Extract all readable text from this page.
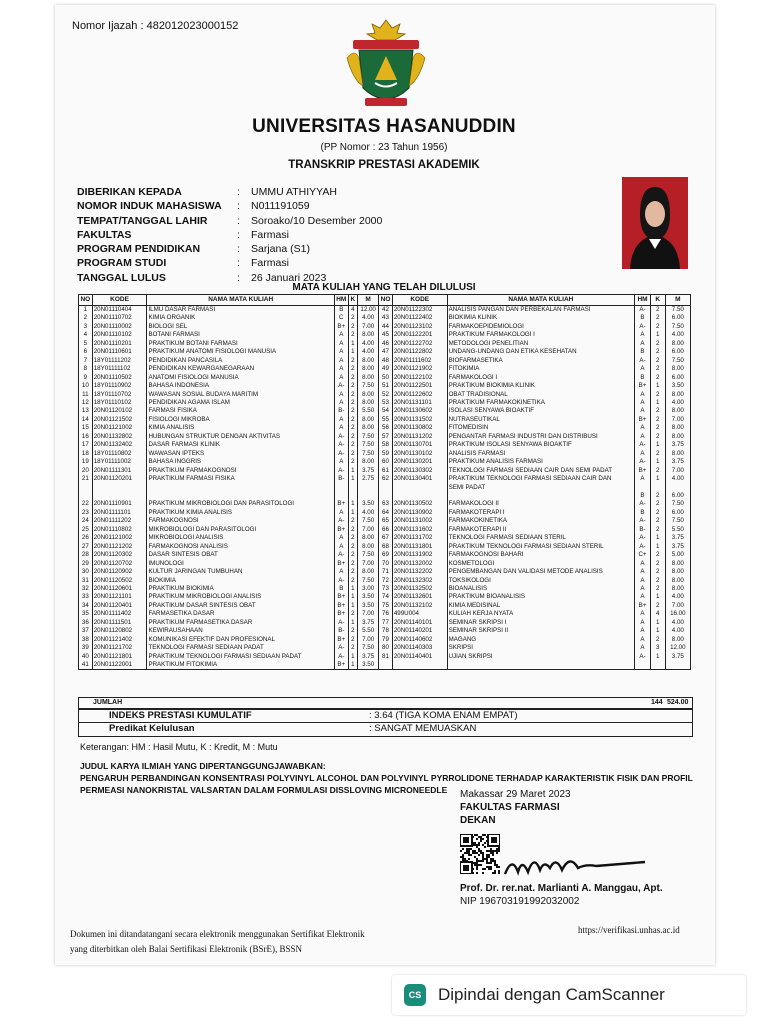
Nomor Ijazah : 482012023000152
UNIVERSITAS HASANUDDIN
(PP Nomor : 23 Tahun 1956)
TRANSKRIP PRESTASI AKADEMIK
DIBERIKAN KEPADA	:	UMMU ATHIYYAH
NOMOR INDUK MAHASISWA	:	N011191059
TEMPAT/TANGGAL LAHIR	:	Soroako/10 Desember 2000
FAKULTAS	:	Farmasi
PROGRAM PENDIDIKAN	:	Sarjana (S1)
PROGRAM STUDI	:	Farmasi
TANGGAL LULUS	:	26 Januari 2023
MATA KULIAH YANG TELAH DILULUSI
NO	KODE	NAMA MATA KULIAH	HM	K	M	NO	KODE	NAMA MATA KULIAH	HM	K	M
1	20N01110404	ILMU DASAR FARMASI	B	4	12.00	42	20N01122302	ANALISIS PANGAN DAN PERBEKALAN FARMASI	A-	2	7.50
2	20N01110702	KIMIA ORGANIK	C	2	4.00	43	20N01122402	BIOKIMIA KLINIK	B	2	6.00
3	20N01110002	BIOLOGI SEL	B+	2	7.00	44	20N01123102	FARMAKOEPIDEMIOLOGI	A-	2	7.50
4	20N01110102	BOTANI FARMASI	A	2	8.00	45	20N01122201	PRAKTIKUM FARMAKOLOGI I	A	1	4.00
5	20N01110201	PRAKTIKUM BOTANI FARMASI	A	1	4.00	46	20N01122702	METODOLOGI PENELITIAN	A	2	8.00
6	20N01110601	PRAKTIKUM ANATOMI FISIOLOGI MANUSIA	A	1	4.00	47	20N01122802	UNDANG-UNDANG DAN ETIKA KESEHATAN	B	2	6.00
7	18Y01111202	PENDIDIKAN PANCASILA	A	2	8.00	48	20N01111602	BIOFARMASETIKA	A-	2	7.50
8	18Y01111102	PENDIDIKAN KEWARGANEGARAAN	A	2	8.00	49	20N01121902	FITOKIMIA	A	2	8.00
9	20N01110502	ANATOMI FISIOLOGI MANUSIA	A	2	8.00	50	20N01122102	FARMAKOLOGI I	B	2	6.00
10	18Y01110902	BAHASA INDONESIA	A-	2	7.50	51	20N01122501	PRAKTIKUM BIOKIMIA KLINIK	B+	1	3.50
11	18Y01110702	WAWASAN SOSIAL BUDAYA MARITIM	A	2	8.00	52	20N01122602	OBAT TRADISIONAL	A	2	8.00
12	18Y01110102	PENDIDIKAN AGAMA ISLAM	A	2	8.00	53	20N01131101	PRAKTIKUM FARMAKOKINETIKA	A	1	4.00
13	20N01120102	FARMASI FISIKA	B-	2	5.50	54	20N01130602	ISOLASI SENYAWA BIOAKTIF	A	2	8.00
14	20N01121502	FISIOLOGI MIKROBA	A	2	8.00	55	20N01131502	NUTRASEUTIKAL	B+	2	7.00
15	20N01121002	KIMIA ANALISIS	A	2	8.00	56	20N01130802	FITOMEDISIN	A	2	8.00
16	20N01132802	HUBUNGAN STRUKTUR DENGAN AKTIVITAS	A-	2	7.50	57	20N01131202	PENGANTAR FARMASI INDUSTRI DAN DISTRIBUSI	A	2	8.00
17	20N01132402	DASAR FARMASI KLINIK	A-	2	7.50	58	20N01130701	PRAKTIKUM ISOLASI SENYAWA BIOAKTIF	A-	1	3.75
18	18Y01110802	WAWASAN IPTEKS	A-	2	7.50	59	20N01130102	ANALISIS FARMASI	A	2	8.00
19	18Y01111002	BAHASA INGGRIS	A	2	8.00	60	20N01130201	PRAKTIKUM ANALISIS FARMASI	A-	1	3.75
20	20N01111301	PRAKTIKUM FARMAKOGNOSI	A-	1	3.75	61	20N01130302	TEKNOLOGI FARMASI SEDIAAN CAIR DAN SEMI PADAT	B+	2	7.00
21	20N01120201	PRAKTIKUM FARMASI FISIKA	B-	1	2.75	62	20N01130401	PRAKTIKUM TEKNOLOGI FARMASI SEDIAAN CAIR DAN	A	1	4.00
								SEMI PADAT			
									B	2	6.00
22	20N01110901	PRAKTIKUM MIKROBIOLOGI DAN PARASITOLOGI	B+	1	3.50	63	20N01130502	FARMAKOLOGI II	A-	2	7.50
23	20N01111101	PRAKTIKUM KIMIA ANALISIS	A	1	4.00	64	20N01130902	FARMAKOTERAPI I	B	2	6.00
24	20N01111202	FARMAKOGNOSI	A-	2	7.50	65	20N01131002	FARMAKOKINETIKA	A-	2	7.50
25	20N01110802	MIKROBIOLOGI DAN PARASITOLOGI	B+	2	7.00	66	20N01131602	FARMAKOTERAPI II	B-	2	5.50
26	20N01121002	MIKROBIOLOGI ANALISIS	A	2	8.00	67	20N01131702	TEKNOLOGI FARMASI SEDIAAN STERIL	A-	1	3.75
27	20N01121202	FARMAKOGNOSI ANALISIS	A	2	8.00	68	20N01131801	PRAKTIKUM TEKNOLOGI FARMASI SEDIAAN STERIL	A-	1	3.75
28	20N01120302	DASAR SINTESIS OBAT	A-	2	7.50	69	20N01131902	FARMAKOGNOSI BAHARI	C+	2	5.00
29	20N01120702	IMUNOLOGI	B+	2	7.00	70	20N01132002	KOSMETOLOGI	A	2	8.00
30	20N01120902	KULTUR JARINGAN TUMBUHAN	A	2	8.00	71	20N01132202	PENGEMBANGAN DAN VALIDASI METODE ANALISIS	A	2	8.00
31	20N01120502	BIOKIMIA	A-	2	7.50	72	20N01132302	TOKSIKOLOGI	A	2	8.00
32	20N01120601	PRAKTIKUM BIOKIMIA	B	1	3.00	73	20N01132502	BIOANALISIS	A	2	8.00
33	20N01121101	PRAKTIKUM MIKROBIOLOGI ANALISIS	B+	1	3.50	74	20N01132601	PRAKTIKUM BIOANALISIS	A	1	4.00
34	20N01120401	PRAKTIKUM DASAR SINTESIS OBAT	B+	1	3.50	75	20N01132102	KIMIA MEDISINAL	B+	2	7.00
35	20N01111402	FARMASETIKA DASAR	B+	2	7.00	76	499U004	KULIAH KERJA NYATA	A	4	16.00
36	20N01111501	PRAKTIKUM FARMASETIKA DASAR	A-	1	3.75	77	20N01140101	SEMINAR SKRIPSI I	A	1	4.00
37	20N01120802	KEWIRAUSAHAAN	B-	2	5.50	78	20N01140201	SEMINAR SKRIPSI II	A	1	4.00
38	20N01121402	KOMUNIKASI EFEKTIF DAN PROFESIONAL	B+	2	7.00	79	20N01140602	MAGANG	A	2	8.00
39	20N01121702	TEKNOLOGI FARMASI SEDIAAN PADAT	A-	2	7.50	80	20N01140303	SKRIPSI	A	3	12.00
40	20N01121801	PRAKTIKUM TEKNOLOGI FARMASI SEDIAAN PADAT	A-	1	3.75	81	20N01140401	UJIAN SKRIPSI	A-	1	3.75
41	20N01122001	PRAKTIKUM FITOKIMIA	B+	1	3.50						
JUMLAH	144 524.00
INDEKS PRESTASI KUMULATIF	: 3.64 (TIGA KOMA ENAM EMPAT)
Predikat Kelulusan	: SANGAT MEMUASKAN
Keterangan: HM : Hasil Mutu, K : Kredit, M : Mutu
JUDUL KARYA ILMIAH YANG DIPERTANGGUNGJAWABKAN:
PENGARUH PERBANDINGAN KONSENTRASI POLYVINYL ALCOHOL DAN POLYVINYL PYRROLIDONE TERHADAP KARAKTERISTIK FISIK DAN PROFIL PERMEASI NANOKRISTAL VALSARTAN DALAM FORMULASI DISSLOVING MICRONEEDLE	Makassar 29 Maret 2023
FAKULTAS FARMASI
DEKAN
Prof. Dr. rer.nat. Marlianti A. Manggau, Apt.
NIP 196703191992032002
Dokumen ini ditandatangani secara elektronik menggunakan Sertifikat Elektronik
yang diterbitkan oleh Balai Sertifikasi Elektronik (BSrE), BSSN
https://verifikasi.unhas.ac.id
CS Dipindai dengan CamScanner
